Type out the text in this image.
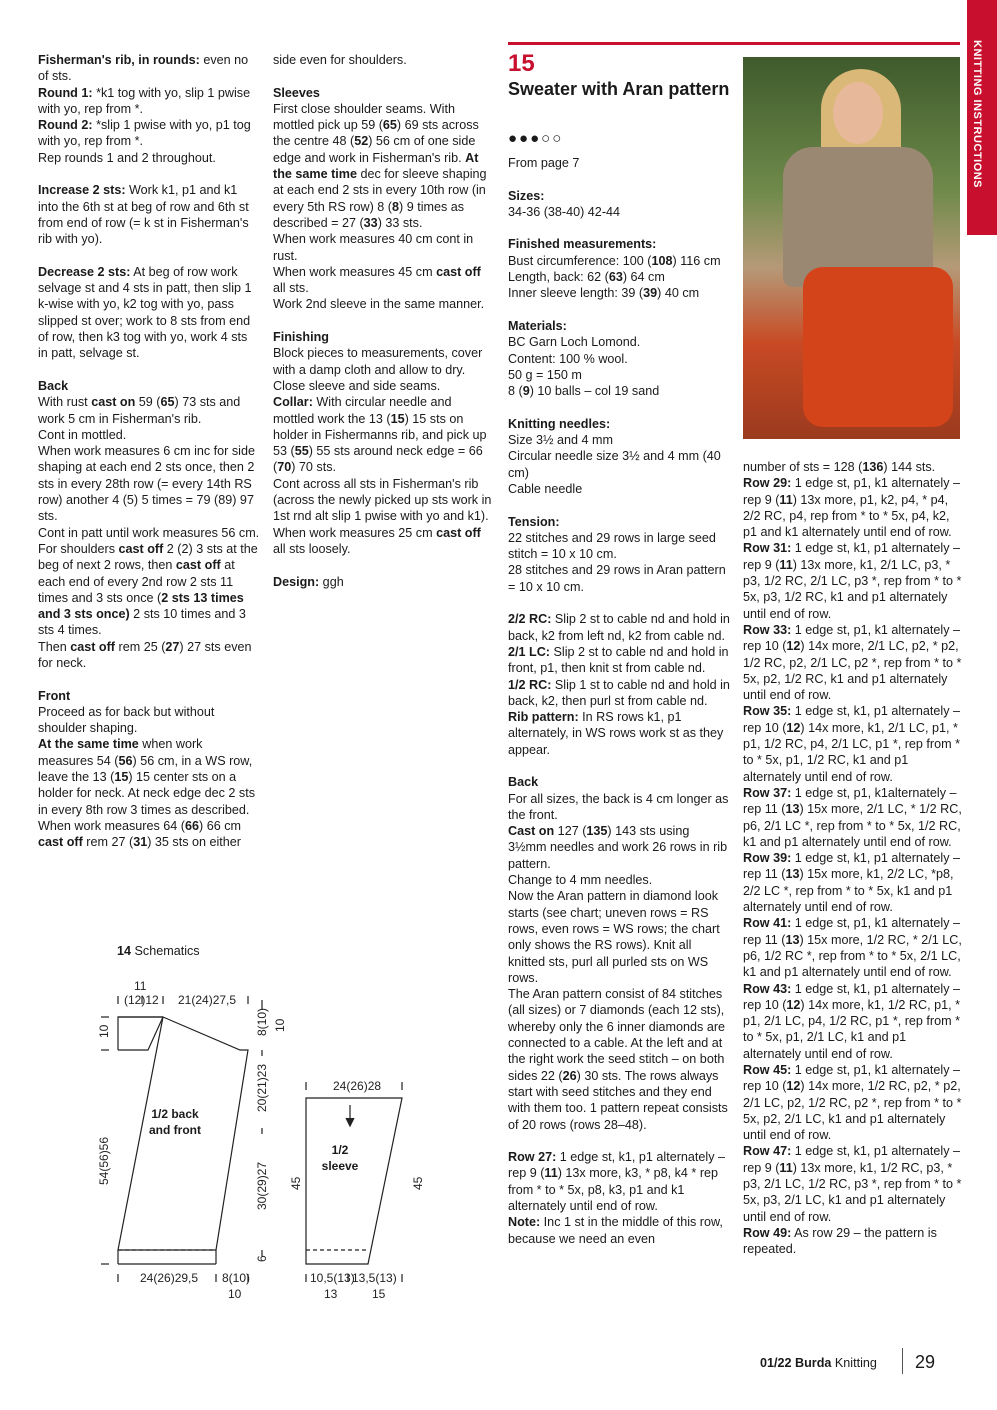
KNITTING INSTRUCTIONS

Fisherman's rib, in rounds: even no of sts.

Round 1: *k1 tog with yo, slip 1 pwise with yo, rep from *.

Round 2: *slip 1 pwise with yo, p1 tog with yo, rep from *.

Rep rounds 1 and 2 throughout.

Increase 2 sts: Work k1, p1 and k1 into the 6th st at beg of row and 6th st from end of row (= k st in Fisherman's rib with yo).

Decrease 2 sts: At beg of row work selvage st and 4 sts in patt, then slip 1 k-wise with yo, k2 tog with yo, pass slipped st over; work to 8 sts from end of row, then k3 tog with yo, work 4 sts in patt, selvage st.

Back

With rust cast on 59 (65) 73 sts and work 5 cm in Fisherman's rib.

Cont in mottled.

When work measures 6 cm inc for side shaping at each end 2 sts once, then 2 sts in every 28th row (= every 14th RS row) another 4 (5) 5 times = 79 (89) 97 sts.

Cont in patt until work measures 56 cm.

For shoulders cast off 2 (2) 3 sts at the beg of next 2 rows, then cast off at each end of every 2nd row 2 sts 11 times and 3 sts once (2 sts 13 times and 3 sts once) 2 sts 10 times and 3 sts 4 times.

Then cast off rem 25 (27) 27 sts even for neck.

Front

Proceed as for back but without shoulder shaping.

At the same time when work measures 54 (56) 56 cm, in a WS row, leave the 13 (15) 15 center sts on a holder for neck. At neck edge dec 2 sts in every 8th row 3 times as described.

When work measures 64 (66) 66 cm cast off rem 27 (31) 35 sts on either

side even for shoulders.

Sleeves

First close shoulder seams. With mottled pick up 59 (65) 69 sts across the centre 48 (52) 56 cm of one side edge and work in Fisherman's rib. At the same time dec for sleeve shaping at each end 2 sts in every 10th row (in every 5th RS row) 8 (8) 9 times as described = 27 (33) 33 sts.

When work measures 40 cm cont in rust.

When work measures 45 cm cast off all sts.

Work 2nd sleeve in the same manner.

Finishing

Block pieces to measurements, cover with a damp cloth and allow to dry.

Close sleeve and side seams.

Collar: With circular needle and mottled work the 13 (15) 15 sts on holder in Fishermanns rib, and pick up 53 (55) 55 sts around neck edge = 66 (70) 70 sts.

Cont across all sts in Fisherman's rib (across the newly picked up sts work in 1st rnd alt slip 1 pwise with yo and k1). When work measures 25 cm cast off all sts loosely.

Design: ggh

15
Sweater with Aran pattern
●●●○○

From page 7

Sizes:

34-36 (38-40) 42-44

Finished measurements:

Bust circumference: 100 (108) 116 cm

Length, back: 62 (63) 64 cm

Inner sleeve length: 39 (39) 40 cm

Materials:

BC Garn Loch Lomond.

Content: 100 % wool.

50 g = 150 m

8 (9) 10 balls – col 19 sand

Knitting needles:

Size 3½ and 4 mm

Circular needle size 3½ and 4 mm (40 cm)

Cable needle

Tension:

22 stitches and 29 rows in large seed stitch = 10 x 10 cm.

28 stitches and 29 rows in Aran pattern = 10 x 10 cm.

2/2 RC: Slip 2 st to cable nd and hold in back, k2 from left nd, k2 from cable nd.

2/1 LC: Slip 2 st to cable nd and hold in front, p1, then knit st from cable nd.

1/2 RC: Slip 1 st to cable nd and hold in back, k2, then purl st from cable nd.

Rib pattern: In RS rows k1, p1 alternately, in WS rows work st as they appear.

Back

For all sizes, the back is 4 cm longer as the front.

Cast on 127 (135) 143 sts using 3½mm needles and work 26 rows in rib pattern.

Change to 4 mm needles.

Now the Aran pattern in diamond look starts (see chart; uneven rows = RS rows, even rows = WS rows; the chart only shows the RS rows). Knit all knitted sts, purl all purled sts on WS rows.

The Aran pattern consist of 84 stitches (all sizes) or 7 diamonds (each 12 sts), whereby only the 6 inner diamonds are connected to a cable. At the left and at the right work the seed stitch – on both sides 22 (26) 30 sts. The rows always start with seed stitches and they end with them too. 1 pattern repeat consists of 20 rows (rows 28–48).

Row 27: 1 edge st, k1, p1 alternately – rep 9 (11) 13x more, k3, * p8, k4 * rep from * to * 5x, p8, k3, p1 and k1 alternately until end of row.

Note: Inc 1 st in the middle of this row, because we need an even

number of sts = 128 (136) 144 sts.

Row 29: 1 edge st, p1, k1 alternately – rep 9 (11) 13x more, p1, k2, p4, * p4, 2/2 RC, p4, rep from * to * 5x, p4, k2, p1 and k1 alternately until end of row.

Row 31: 1 edge st, k1, p1 alternately – rep 9 (11) 13x more, k1, 2/1 LC, p3, * p3, 1/2 RC, 2/1 LC, p3 *, rep from * to * 5x, p3, 1/2 RC, k1 and p1 alternately until end of row.

Row 33: 1 edge st, p1, k1 alternately – rep 10 (12) 14x more, 2/1 LC, p2, * p2, 1/2 RC, p2, 2/1 LC, p2 *, rep from * to * 5x, p2, 1/2 RC, k1 and p1 alternately until end of row.

Row 35: 1 edge st, k1, p1 alternately – rep 10 (12) 14x more, k1, 2/1 LC, p1, * p1, 1/2 RC, p4, 2/1 LC, p1 *, rep from * to * 5x, p1, 1/2 RC, k1 and p1 alternately until end of row.

Row 37: 1 edge st, p1, k1alternately – rep 11 (13) 15x more, 2/1 LC, * 1/2 RC, p6, 2/1 LC *, rep from * to * 5x, 1/2 RC, k1 and p1 alternately until end of row.

Row 39: 1 edge st, k1, p1 alternately – rep 11 (13) 15x more, k1, 2/2 LC, *p8, 2/2 LC *, rep from * to * 5x, k1 and p1 alternately until end of row.

Row 41: 1 edge st, p1, k1 alternately – rep 11 (13) 15x more, 1/2 RC, * 2/1 LC, p6, 1/2 RC *, rep from * to * 5x, 2/1 LC, k1 and p1 alternately until end of row.

Row 43: 1 edge st, k1, p1 alternately – rep 10 (12) 14x more, k1, 1/2 RC, p1, * p1, 2/1 LC, p4, 1/2 RC, p1 *, rep from * to * 5x, p1, 2/1 LC, k1 and p1 alternately until end of row.

Row 45: 1 edge st, p1, k1 alternately – rep 10 (12) 14x more, 1/2 RC, p2, * p2, 2/1 LC, p2, 1/2 RC, p2 *, rep from * to * 5x, p2, 2/1 LC, k1 and p1 alternately until end of row.

Row 47: 1 edge st, k1, p1 alternately – rep 9 (11) 13x more, k1, 1/2 RC, p3, * p3, 2/1 LC, 1/2 RC, p3 *, rep from * to * 5x, p3, 2/1 LC, k1 and p1 alternately until end of row.

Row 49: As row 29 – the pattern is repeated.

14 Schematics
11
(12)12 21(24)27,5
10
54(56)56
8(10) 10
20(21)23
30(29)27
6
24(26)29,5 8(10)
10
24(26)28
45	45
10,5(13)
13
13,5(13)
15
1/2 back and front
1/2 sleeve
01/22 Burda Knitting 29
